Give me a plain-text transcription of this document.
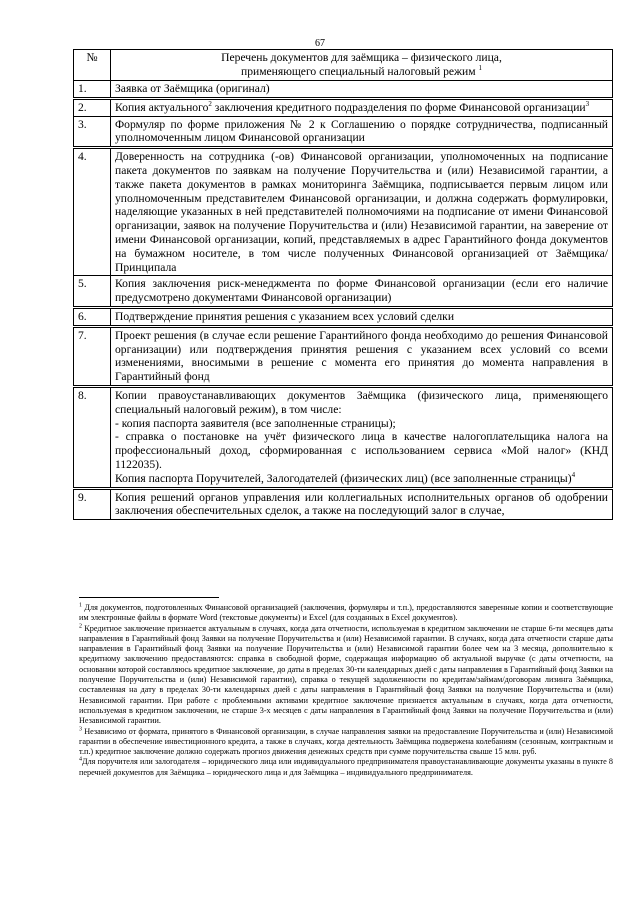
67
№	Перечень документов для заёмщика – физического лица,
применяющего специальный налоговый режим $^1$
1.	Заявка от Заёмщика (оригинал)
2.	Копия актуального$^2$ заключения кредитного подразделения по форме Финансовой организации$^3$
3.	Формуляр по форме приложения № 2 к Соглашению о порядке сотрудничества, подписанный уполномоченным лицом Финансовой организации
4.	Доверенность на сотрудника (-ов) Финансовой организации, уполномоченных на подписание пакета документов по заявкам на получение Поручительства и (или) Независимой гарантии, а также пакета документов в рамках мониторинга Заёмщика, подписывается первым лицом или уполномоченным представителем Финансовой организации, и должна содержать формулировки, наделяющие указанных в ней представителей полномочиями на подписание от имени Финансовой организации, заявок на получение Поручительства и (или) Независимой гарантии, на заверение от имени Финансовой организации, копий, представляемых в адрес Гарантийного фонда документов на бумажном носителе, в том числе полученных Финансовой организацией от Заёмщика/Принципала
5.	Копия заключения риск-менеджмента по форме Финансовой организации (если его наличие предусмотрено документами Финансовой организации)
6.	Подтверждение принятия решения с указанием всех условий сделки
7.	Проект решения (в случае если решение Гарантийного фонда необходимо до решения Финансовой организации) или подтверждения принятия решения с указанием всех условий со всеми изменениями, вносимыми в решение с момента его принятия до момента направления в Гарантийный фонд
8.	Копии правоустанавливающих документов Заёмщика (физического лица, применяющего специальный налоговый режим), в том числе:
- копия паспорта заявителя (все заполненные страницы);
- справка о постановке на учёт физического лица в качестве налогоплательщика налога на профессиональный доход, сформированная с использованием сервиса «Мой налог» (КНД 1122035).
Копия паспорта Поручителей, Залогодателей (физических лиц) (все заполненные страницы)$^4$

9.	Копия решений органов управления или коллегиальных исполнительных органов об одобрении заключения обеспечительных сделок, а также на последующий залог в случае,

$^1$ Для документов, подготовленных Финансовой организацией (заключения, формуляры и т.п.), предоставляются заверенные копии и соответствующие им электронные файлы в формате Word (текстовые документы) и Excel (для созданных в Excel документов).

$^2$ Кредитное заключение признается актуальным в случаях, когда дата отчетности, используемая в кредитном заключении не старше 6-ти месяцев даты направления в Гарантийный фонд Заявки на получение Поручительства и (или) Независимой гарантии. В случаях, когда дата отчетности старше даты направления в Гарантийный фонд Заявки на получение Поручительства и (или) Независимой гарантии более чем на 3 месяца, дополнительно к кредитному заключению предоставляются: справка в свободной форме, содержащая информацию об актуальной выручке (с даты отчетности, на основании которой составляюсь кредитное заключение, до даты в пределах 30-ти календарных дней с даты направления в Гарантийный фонд Заявки на получение Поручительства и (или) Независимой гарантии), справка о текущей задолженности по кредитам/займам/договорам лизинга Заёмщика, составленная на дату в пределах 30-ти календарных дней с даты направления в Гарантийный фонд Заявки на получение Поручительства и (или) Независимой гарантии. При работе с проблемными активами кредитное заключение признается актуальным в случаях, когда дата отчетности, используемая в кредитном заключении, не старше 3-х месяцев с даты направления в Гарантийный фонд Заявки на получение Поручительства и (или) Независимой гарантии.

$^3$ Независимо от формата, принятого в Финансовой организации, в случае направления заявки на предоставление Поручительства и (или) Независимой гарантии в обеспечение инвестиционного кредита, а также в случаях, когда деятельность Заёмщика подвержена колебаниям (сезонным, контрактным и т.п.) кредитное заключение должно содержать прогноз движения денежных средств при сумме поручительства свыше 15 млн. руб.

$^4$Для поручителя или залогодателя – юридического лица или индивидуального предпринимателя правоустанавливающие документы указаны в пункте 8 перечней документов для Заёмщика – юридического лица и для Заёмщика – индивидуального предпринимателя.
